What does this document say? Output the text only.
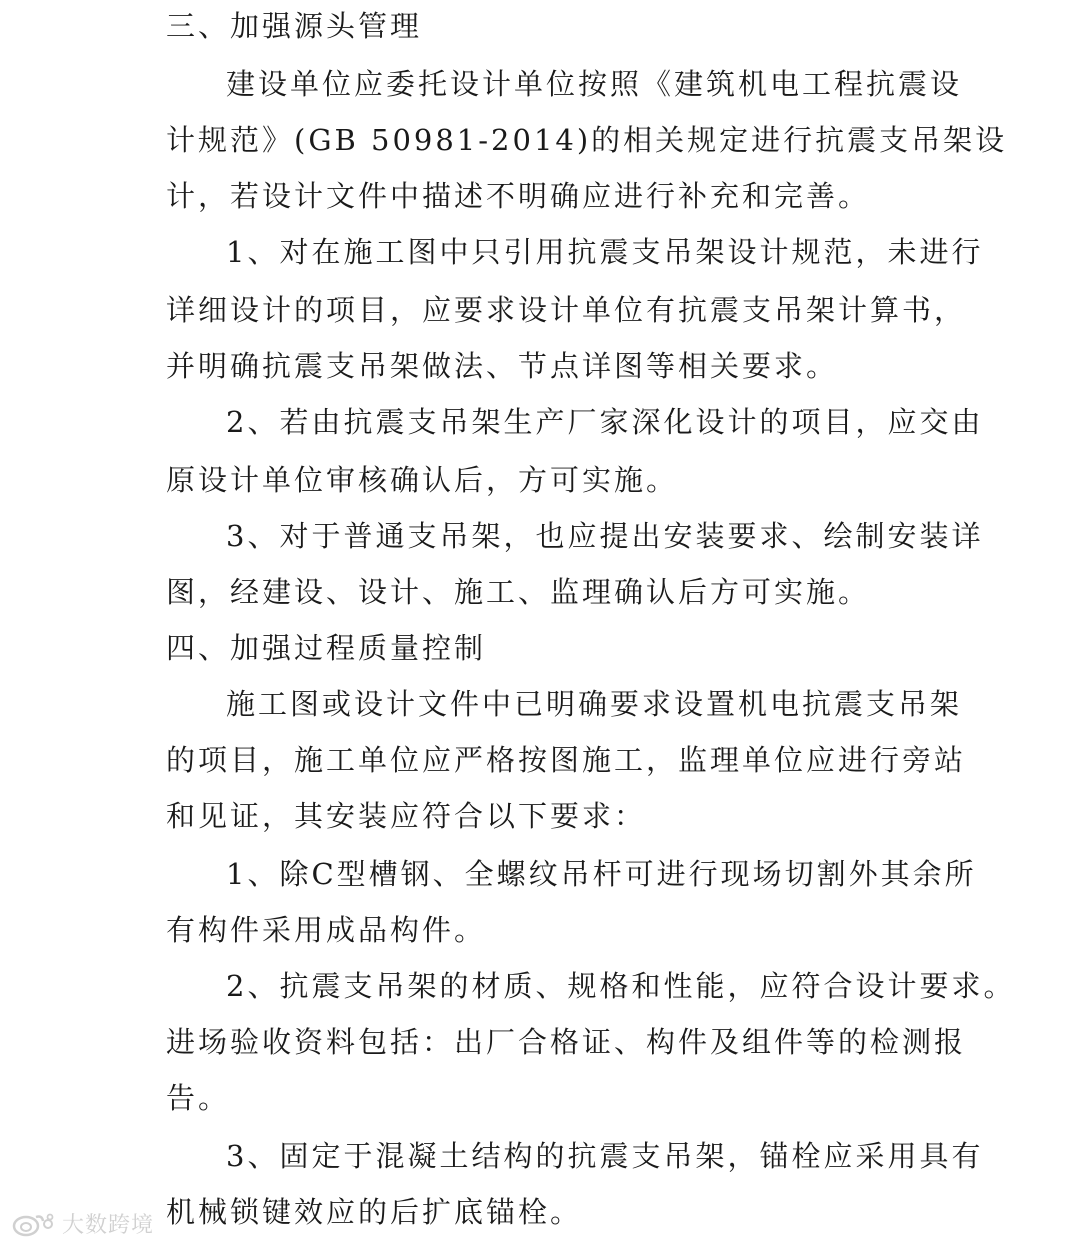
三、加强源头管理
建设单位应委托设计单位按照《建筑机电工程抗震设
计规范》(GB 50981-2014)的相关规定进行抗震支吊架设
计，若设计文件中描述不明确应进行补充和完善。
1、对在施工图中只引用抗震支吊架设计规范，未进行
详细设计的项目，应要求设计单位有抗震支吊架计算书，
并明确抗震支吊架做法、节点详图等相关要求。
2、若由抗震支吊架生产厂家深化设计的项目，应交由
原设计单位审核确认后，方可实施。
3、对于普通支吊架，也应提出安装要求、绘制安装详
图，经建设、设计、施工、监理确认后方可实施。
四、加强过程质量控制
施工图或设计文件中已明确要求设置机电抗震支吊架
的项目，施工单位应严格按图施工，监理单位应进行旁站
和见证，其安装应符合以下要求：
1、除C型槽钢、全螺纹吊杆可进行现场切割外其余所
有构件采用成品构件。
2、抗震支吊架的材质、规格和性能，应符合设计要求。
进场验收资料包括：出厂合格证、构件及组件等的检测报
告。
3、固定于混凝土结构的抗震支吊架，锚栓应采用具有
机械锁键效应的后扩底锚栓。
大数跨境
